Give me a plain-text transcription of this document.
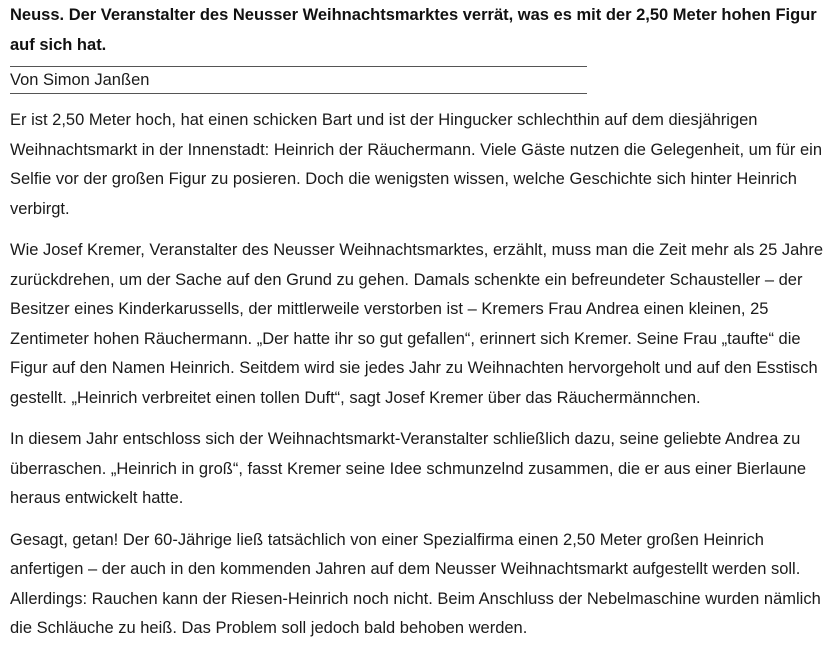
Neuss. Der Veranstalter des Neusser Weihnachtsmarktes verrät, was es mit der 2,50 Meter hohen Figur auf sich hat.

Von Simon Janßen

Er ist 2,50 Meter hoch, hat einen schicken Bart und ist der Hingucker schlechthin auf dem diesjährigen Weihnachtsmarkt in der Innenstadt: Heinrich der Räuchermann. Viele Gäste nutzen die Gelegenheit, um für ein Selfie vor der großen Figur zu posieren. Doch die wenigsten wissen, welche Geschichte sich hinter Heinrich verbirgt.

Wie Josef Kremer, Veranstalter des Neusser Weihnachtsmarktes, erzählt, muss man die Zeit mehr als 25 Jahre zurückdrehen, um der Sache auf den Grund zu gehen. Damals schenkte ein befreundeter Schausteller – der Besitzer eines Kinderkarussells, der mittlerweile verstorben ist – Kremers Frau Andrea einen kleinen, 25 Zentimeter hohen Räuchermann. „Der hatte ihr so gut gefallen“, erinnert sich Kremer. Seine Frau „taufte“ die Figur auf den Namen Heinrich. Seitdem wird sie jedes Jahr zu Weihnachten hervorgeholt und auf den Esstisch gestellt. „Heinrich verbreitet einen tollen Duft“, sagt Josef Kremer über das Räuchermännchen.

In diesem Jahr entschloss sich der Weihnachtsmarkt-Veranstalter schließlich dazu, seine geliebte Andrea zu überraschen. „Heinrich in groß“, fasst Kremer seine Idee schmunzelnd zusammen, die er aus einer Bierlaune heraus entwickelt hatte.

Gesagt, getan! Der 60-Jährige ließ tatsächlich von einer Spezialfirma einen 2,50 Meter großen Heinrich anfertigen – der auch in den kommenden Jahren auf dem Neusser Weihnachtsmarkt aufgestellt werden soll. Allerdings: Rauchen kann der Riesen-Heinrich noch nicht. Beim Anschluss der Nebelmaschine wurden nämlich die Schläuche zu heiß. Das Problem soll jedoch bald behoben werden.
